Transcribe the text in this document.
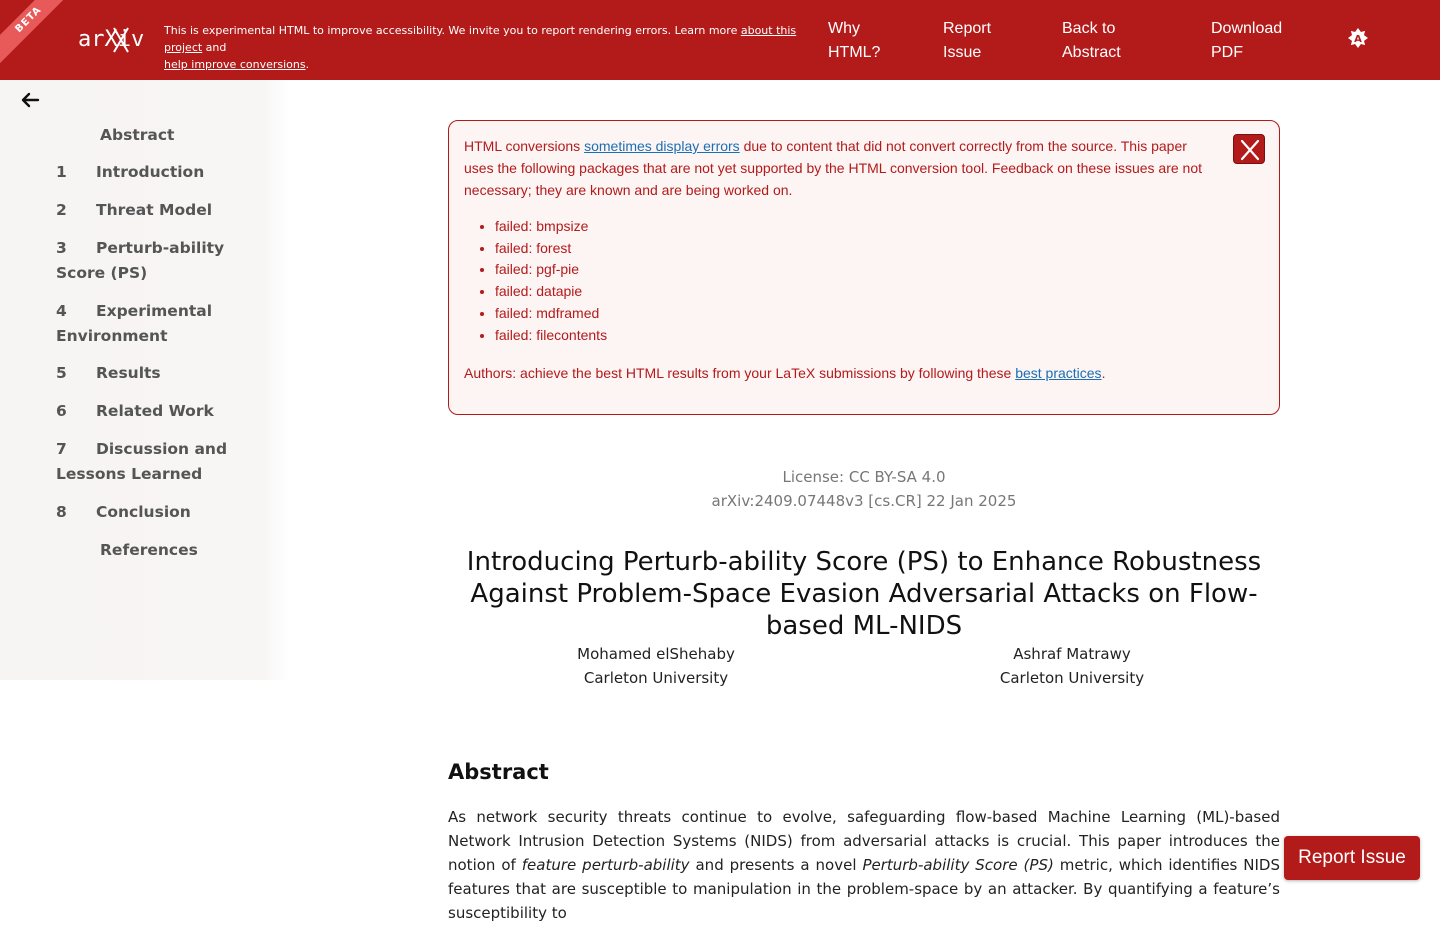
BETA
arXiv This is experimental HTML to improve accessibility. We invite you to report rendering errors. Learn more about this project and
help improve conversions.
Why HTML?
Report Issue
Back to Abstract
Download PDF
A
Abstract
1 Introduction
2 Threat Model
3 Perturb-ability Score (PS)
4 Experimental Environment
5 Results
6 Related Work
7 Discussion and Lessons Learned
8 Conclusion
References

HTML conversions sometimes display errors due to content that did not convert correctly from the source. This paper uses the following packages that are not yet supported by the HTML conversion tool. Feedback on these issues are not necessary; they are known and are being worked on.

• failed: bmpsize
• failed: forest
• failed: pgf-pie
• failed: datapie
• failed: mdframed
• failed: filecontents

Authors: achieve the best HTML results from your LaTeX submissions by following these best practices.

License: CC BY-SA 4.0
arXiv:2409.07448v3 [cs.CR] 22 Jan 2025
Introducing Perturb-ability Score (PS) to Enhance Robustness Against Problem-Space Evasion Adversarial Attacks on Flow-based ML-NIDS
Mohamed elShehaby
Carleton University
Ashraf Matrawy
Carleton University
Abstract
As network security threats continue to evolve, safeguarding flow-based Machine Learning (ML)-based Network Intrusion Detection Systems (NIDS) from adversarial attacks is crucial. This paper introduces the notion of feature perturb-ability and presents a novel Perturb-ability Score (PS) metric, which identifies NIDS features that are susceptible to manipulation in the problem-space by an attacker. By quantifying a feature’s susceptibility to
Report Issue
